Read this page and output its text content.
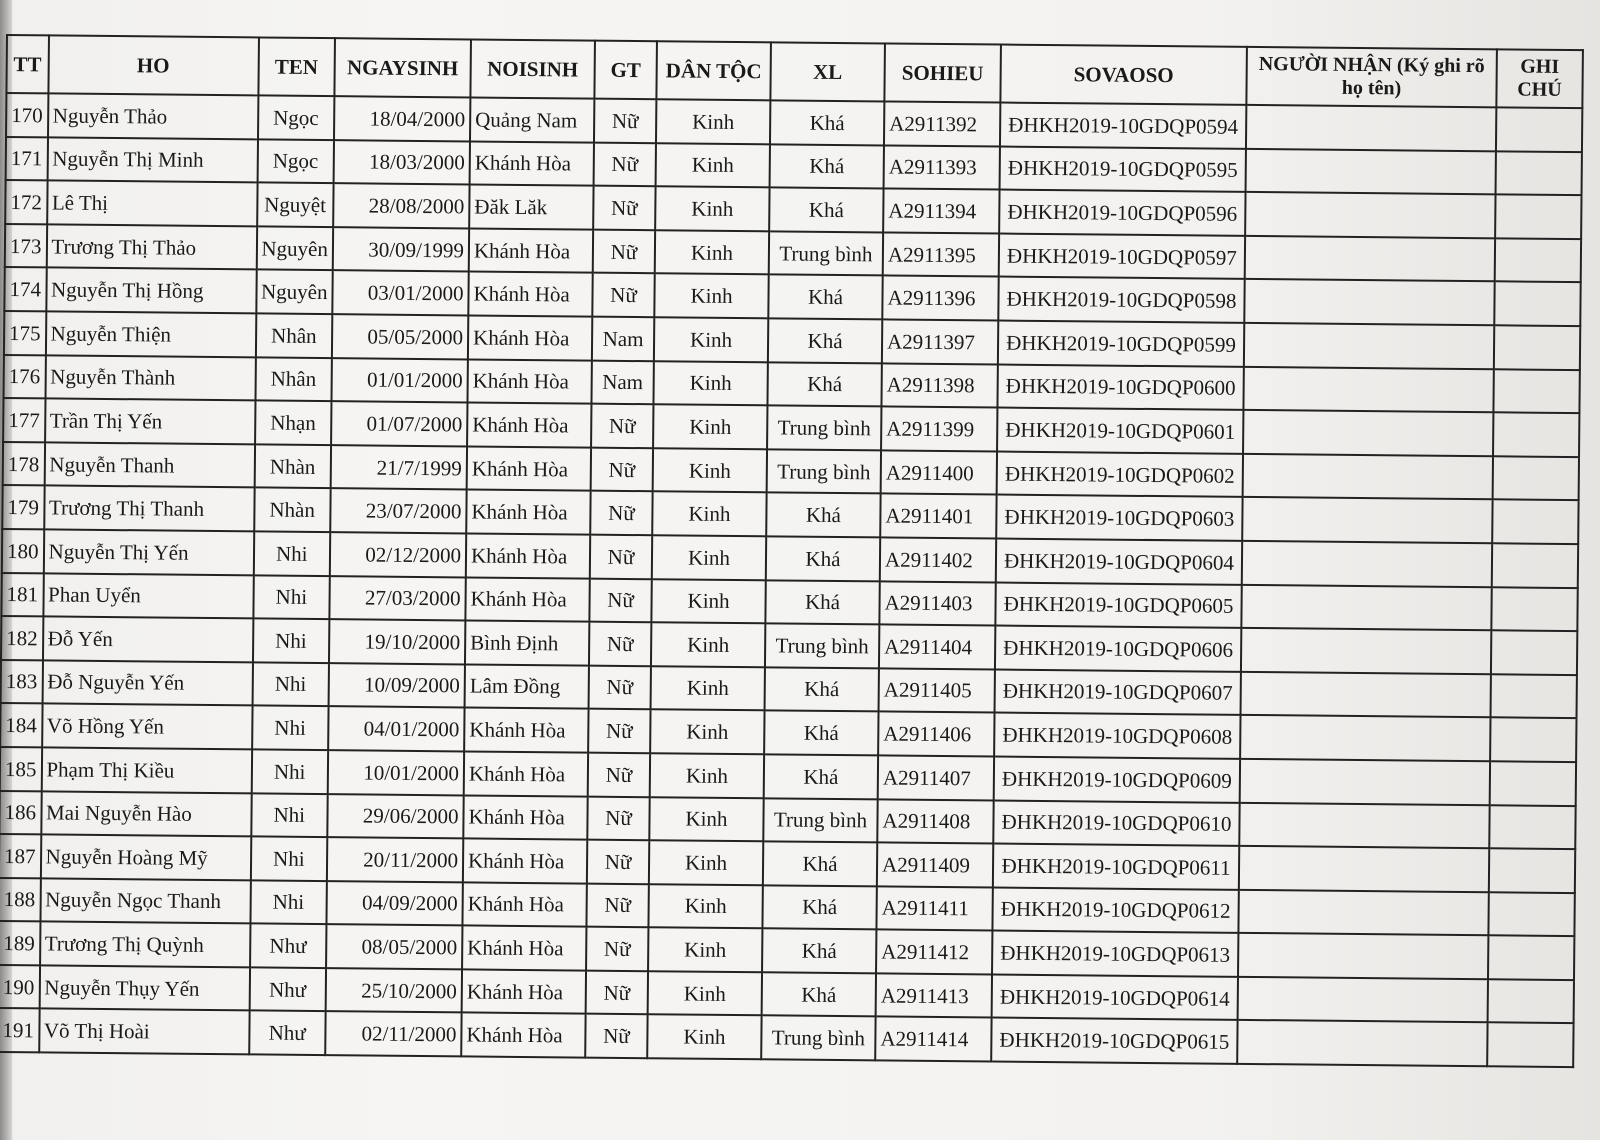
TT	HO	TEN	NGAYSINH	NOISINH	GT	DÂN TỘC	XL	SOHIEU	SOVAOSO	NGƯỜI NHẬN (Ký ghi rõ họ tên)	GHI CHÚ
170	Nguyễn Thảo	Ngọc	18/04/2000	Quảng Nam	Nữ	Kinh	Khá	A2911392	ĐHKH2019-10GDQP0594		
171	Nguyễn Thị Minh	Ngọc	18/03/2000	Khánh Hòa	Nữ	Kinh	Khá	A2911393	ĐHKH2019-10GDQP0595		
172	Lê Thị	Nguyệt	28/08/2000	Đăk Lăk	Nữ	Kinh	Khá	A2911394	ĐHKH2019-10GDQP0596		
173	Trương Thị Thảo	Nguyên	30/09/1999	Khánh Hòa	Nữ	Kinh	Trung bình	A2911395	ĐHKH2019-10GDQP0597		
174	Nguyễn Thị Hồng	Nguyên	03/01/2000	Khánh Hòa	Nữ	Kinh	Khá	A2911396	ĐHKH2019-10GDQP0598		
175	Nguyễn Thiện	Nhân	05/05/2000	Khánh Hòa	Nam	Kinh	Khá	A2911397	ĐHKH2019-10GDQP0599		
176	Nguyễn Thành	Nhân	01/01/2000	Khánh Hòa	Nam	Kinh	Khá	A2911398	ĐHKH2019-10GDQP0600		
177	Trần Thị Yến	Nhạn	01/07/2000	Khánh Hòa	Nữ	Kinh	Trung bình	A2911399	ĐHKH2019-10GDQP0601		
178	Nguyễn Thanh	Nhàn	21/7/1999	Khánh Hòa	Nữ	Kinh	Trung bình	A2911400	ĐHKH2019-10GDQP0602		
179	Trương Thị Thanh	Nhàn	23/07/2000	Khánh Hòa	Nữ	Kinh	Khá	A2911401	ĐHKH2019-10GDQP0603		
180	Nguyễn Thị Yến	Nhi	02/12/2000	Khánh Hòa	Nữ	Kinh	Khá	A2911402	ĐHKH2019-10GDQP0604		
181	Phan Uyển	Nhi	27/03/2000	Khánh Hòa	Nữ	Kinh	Khá	A2911403	ĐHKH2019-10GDQP0605		
182	Đỗ Yến	Nhi	19/10/2000	Bình Định	Nữ	Kinh	Trung bình	A2911404	ĐHKH2019-10GDQP0606		
183	Đỗ Nguyễn Yến	Nhi	10/09/2000	Lâm Đồng	Nữ	Kinh	Khá	A2911405	ĐHKH2019-10GDQP0607		
184	Võ Hồng Yến	Nhi	04/01/2000	Khánh Hòa	Nữ	Kinh	Khá	A2911406	ĐHKH2019-10GDQP0608		
185	Phạm Thị Kiều	Nhi	10/01/2000	Khánh Hòa	Nữ	Kinh	Khá	A2911407	ĐHKH2019-10GDQP0609		
186	Mai Nguyễn Hào	Nhi	29/06/2000	Khánh Hòa	Nữ	Kinh	Trung bình	A2911408	ĐHKH2019-10GDQP0610		
187	Nguyễn Hoàng Mỹ	Nhi	20/11/2000	Khánh Hòa	Nữ	Kinh	Khá	A2911409	ĐHKH2019-10GDQP0611		
188	Nguyễn Ngọc Thanh	Nhi	04/09/2000	Khánh Hòa	Nữ	Kinh	Khá	A2911411	ĐHKH2019-10GDQP0612		
189	Trương Thị Quỳnh	Như	08/05/2000	Khánh Hòa	Nữ	Kinh	Khá	A2911412	ĐHKH2019-10GDQP0613		
190	Nguyễn Thụy Yến	Như	25/10/2000	Khánh Hòa	Nữ	Kinh	Khá	A2911413	ĐHKH2019-10GDQP0614		
191	Võ Thị Hoài	Như	02/11/2000	Khánh Hòa	Nữ	Kinh	Trung bình	A2911414	ĐHKH2019-10GDQP0615		
